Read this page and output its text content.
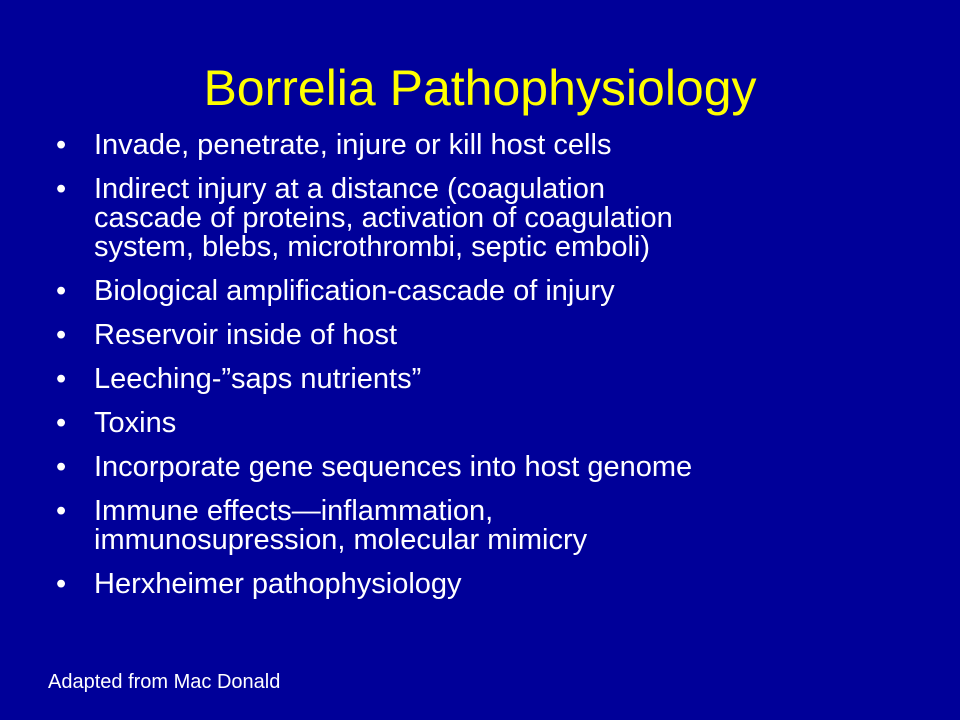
Borrelia Pathophysiology
• Invade, penetrate, injure or kill host cells
• Indirect injury at a distance (coagulation
cascade of proteins, activation of coagulation
system, blebs, microthrombi, septic emboli)
• Biological amplification-cascade of injury
• Reservoir inside of host
• Leeching-”saps nutrients”
• Toxins
• Incorporate gene sequences into host genome
• Immune effects—inflammation,
immunosupression, molecular mimicry
• Herxheimer pathophysiology
Adapted from Mac Donald
